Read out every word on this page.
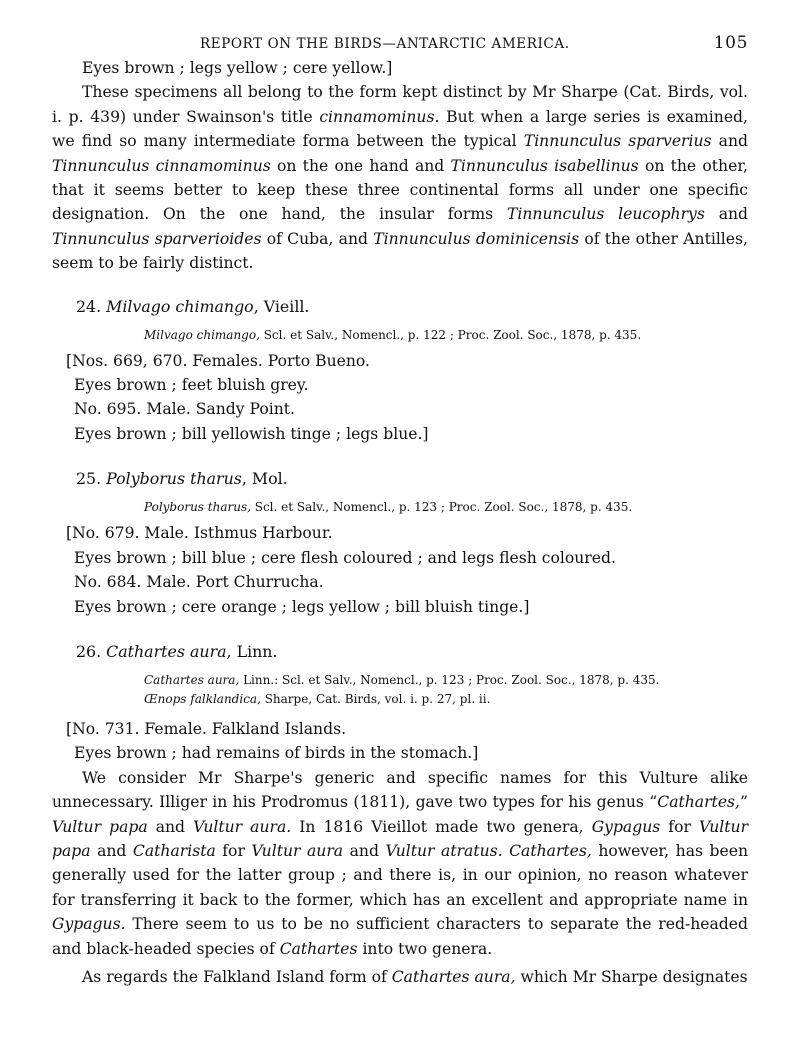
REPORT ON THE BIRDS—ANTARCTIC AMERICA.	105
Eyes brown ; legs yellow ; cere yellow.]

These specimens all belong to the form kept distinct by Mr Sharpe (Cat. Birds, vol. i. p. 439) under Swainson's title cinnamominus. But when a large series is examined, we find so many intermediate forma between the typical Tinnunculus sparverius and Tinnunculus cinnamominus on the one hand and Tinnunculus isabellinus on the other, that it seems better to keep these three continental forms all under one specific designation. On the one hand, the insular forms Tinnunculus leucophrys and Tinnunculus sparverioides of Cuba, and Tinnunculus dominicensis of the other Antilles, seem to be fairly distinct.

24. Milvago chimango, Vieill.
Milvago chimango, Scl. et Salv., Nomencl., p. 122 ; Proc. Zool. Soc., 1878, p. 435.
[Nos. 669, 670. Females. Porto Bueno.
Eyes brown ; feet bluish grey.
No. 695. Male. Sandy Point.
Eyes brown ; bill yellowish tinge ; legs blue.]
25. Polyborus tharus, Mol.
Polyborus tharus, Scl. et Salv., Nomencl., p. 123 ; Proc. Zool. Soc., 1878, p. 435.
[No. 679. Male. Isthmus Harbour.
Eyes brown ; bill blue ; cere flesh coloured ; and legs flesh coloured.
No. 684. Male. Port Churrucha.
Eyes brown ; cere orange ; legs yellow ; bill bluish tinge.]
26. Cathartes aura, Linn.
Cathartes aura, Linn.: Scl. et Salv., Nomencl., p. 123 ; Proc. Zool. Soc., 1878, p. 435.
Œnops falklandica, Sharpe, Cat. Birds, vol. i. p. 27, pl. ii.
[No. 731. Female. Falkland Islands.
Eyes brown ; had remains of birds in the stomach.]

We consider Mr Sharpe's generic and specific names for this Vulture alike unnecessary. Illiger in his Prodromus (1811), gave two types for his genus “Cathartes,” Vultur papa and Vultur aura. In 1816 Vieillot made two genera, Gypagus for Vultur papa and Catharista for Vultur aura and Vultur atratus. Cathartes, however, has been generally used for the latter group ; and there is, in our opinion, no reason whatever for transferring it back to the former, which has an excellent and appropriate name in Gypagus. There seem to us to be no sufficient characters to separate the red-headed and black-headed species of Cathartes into two genera.

As regards the Falkland Island form of Cathartes aura, which Mr Sharpe designates
